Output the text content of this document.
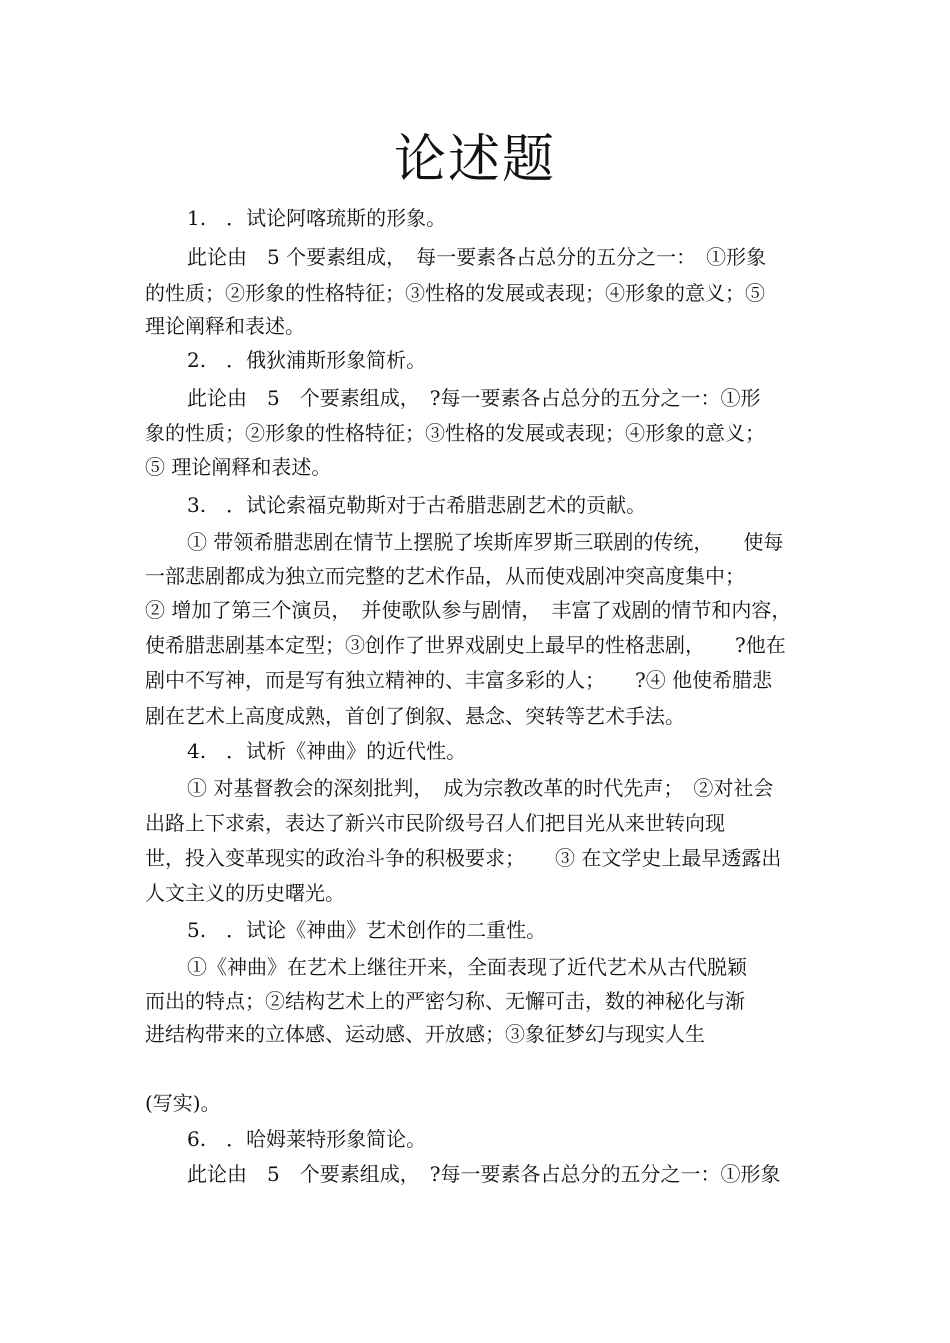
论述题

1.　．试论阿喀琉斯的形象。

此论由　5 个要素组成，　每一要素各占总分的五分之一：　①形象

的性质；②形象的性格特征；③性格的发展或表现；④形象的意义；⑤

理论阐释和表述。

2.　．俄狄浦斯形象简析。

此论由　5　个要素组成，　?每一要素各占总分的五分之一：①形

象的性质；②形象的性格特征；③性格的发展或表现；④形象的意义；

⑤ 理论阐释和表述。

3.　．试论索福克勒斯对于古希腊悲剧艺术的贡献。

① 带领希腊悲剧在情节上摆脱了埃斯库罗斯三联剧的传统，　　使每

一部悲剧都成为独立而完整的艺术作品，从而使戏剧冲突高度集中；

② 增加了第三个演员，　并使歌队参与剧情，　丰富了戏剧的情节和内容，

使希腊悲剧基本定型；③创作了世界戏剧史上最早的性格悲剧，　　?他在

剧中不写神，而是写有独立精神的、丰富多彩的人；　　?④ 他使希腊悲

剧在艺术上高度成熟，首创了倒叙、悬念、突转等艺术手法。

4.　．试析《神曲》的近代性。

① 对基督教会的深刻批判，　成为宗教改革的时代先声；　②对社会

出路上下求索，表达了新兴市民阶级号召人们把目光从来世转向现

世，投入变革现实的政治斗争的积极要求；　　③ 在文学史上最早透露出

人文主义的历史曙光。

5.　．试论《神曲》艺术创作的二重性。

①《神曲》在艺术上继往开来，全面表现了近代艺术从古代脱颖

而出的特点；②结构艺术上的严密匀称、无懈可击，数的神秘化与渐

进结构带来的立体感、运动感、开放感；③象征梦幻与现实人生

(写实)。

6.　．哈姆莱特形象简论。

此论由　5　个要素组成，　?每一要素各占总分的五分之一：①形象
